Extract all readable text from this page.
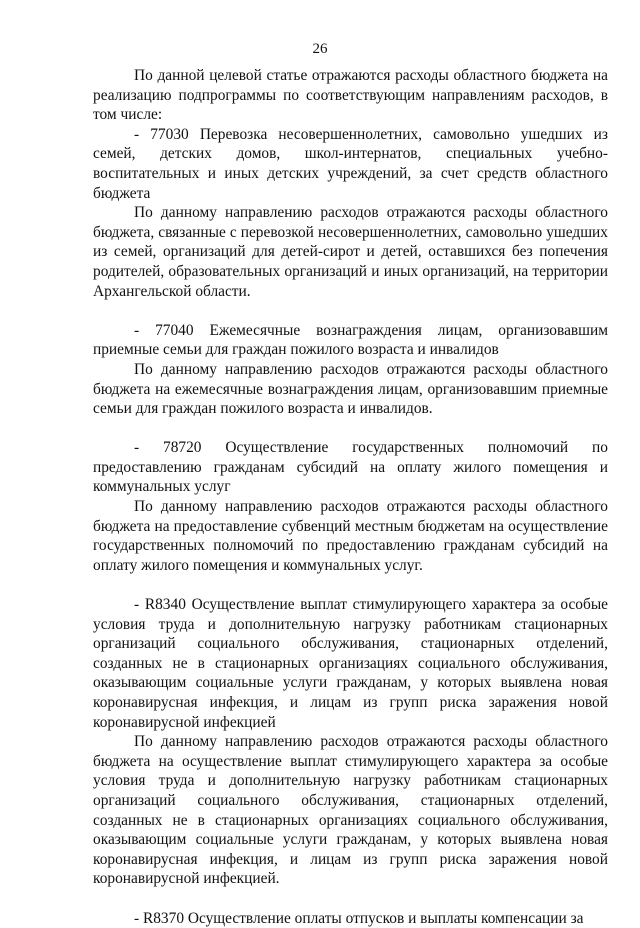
26

По данной целевой статье отражаются расходы областного бюджета на реализацию подпрограммы по соответствующим направлениям расходов, в том числе:

- 77030 Перевозка несовершеннолетних, самовольно ушедших из семей, детских домов, школ-интернатов, специальных учебно-воспитательных и иных детских учреждений, за счет средств областного бюджета

По данному направлению расходов отражаются расходы областного бюджета, связанные с перевозкой несовершеннолетних, самовольно ушедших из семей, организаций для детей-сирот и детей, оставшихся без попечения родителей, образовательных организаций и иных организаций, на территории Архангельской области.

- 77040 Ежемесячные вознаграждения лицам, организовавшим приемные семьи для граждан пожилого возраста и инвалидов

По данному направлению расходов отражаются расходы областного бюджета на ежемесячные вознаграждения лицам, организовавшим приемные семьи для граждан пожилого возраста и инвалидов.

- 78720 Осуществление государственных полномочий по предоставлению гражданам субсидий на оплату жилого помещения и коммунальных услуг

По данному направлению расходов отражаются расходы областного бюджета на предоставление субвенций местным бюджетам на осуществление государственных полномочий по предоставлению гражданам субсидий на оплату жилого помещения и коммунальных услуг.

- R8340 Осуществление выплат стимулирующего характера за особые условия труда и дополнительную нагрузку работникам стационарных организаций социального обслуживания, стационарных отделений, созданных не в стационарных организациях социального обслуживания, оказывающим социальные услуги гражданам, у которых выявлена новая коронавирусная инфекция, и лицам из групп риска заражения новой коронавирусной инфекцией

По данному направлению расходов отражаются расходы областного бюджета на осуществление выплат стимулирующего характера за особые условия труда и дополнительную нагрузку работникам стационарных организаций социального обслуживания, стационарных отделений, созданных не в стационарных организациях социального обслуживания, оказывающим социальные услуги гражданам, у которых выявлена новая коронавирусная инфекция, и лицам из групп риска заражения новой коронавирусной инфекцией.

- R8370 Осуществление оплаты отпусков и выплаты компенсации за
